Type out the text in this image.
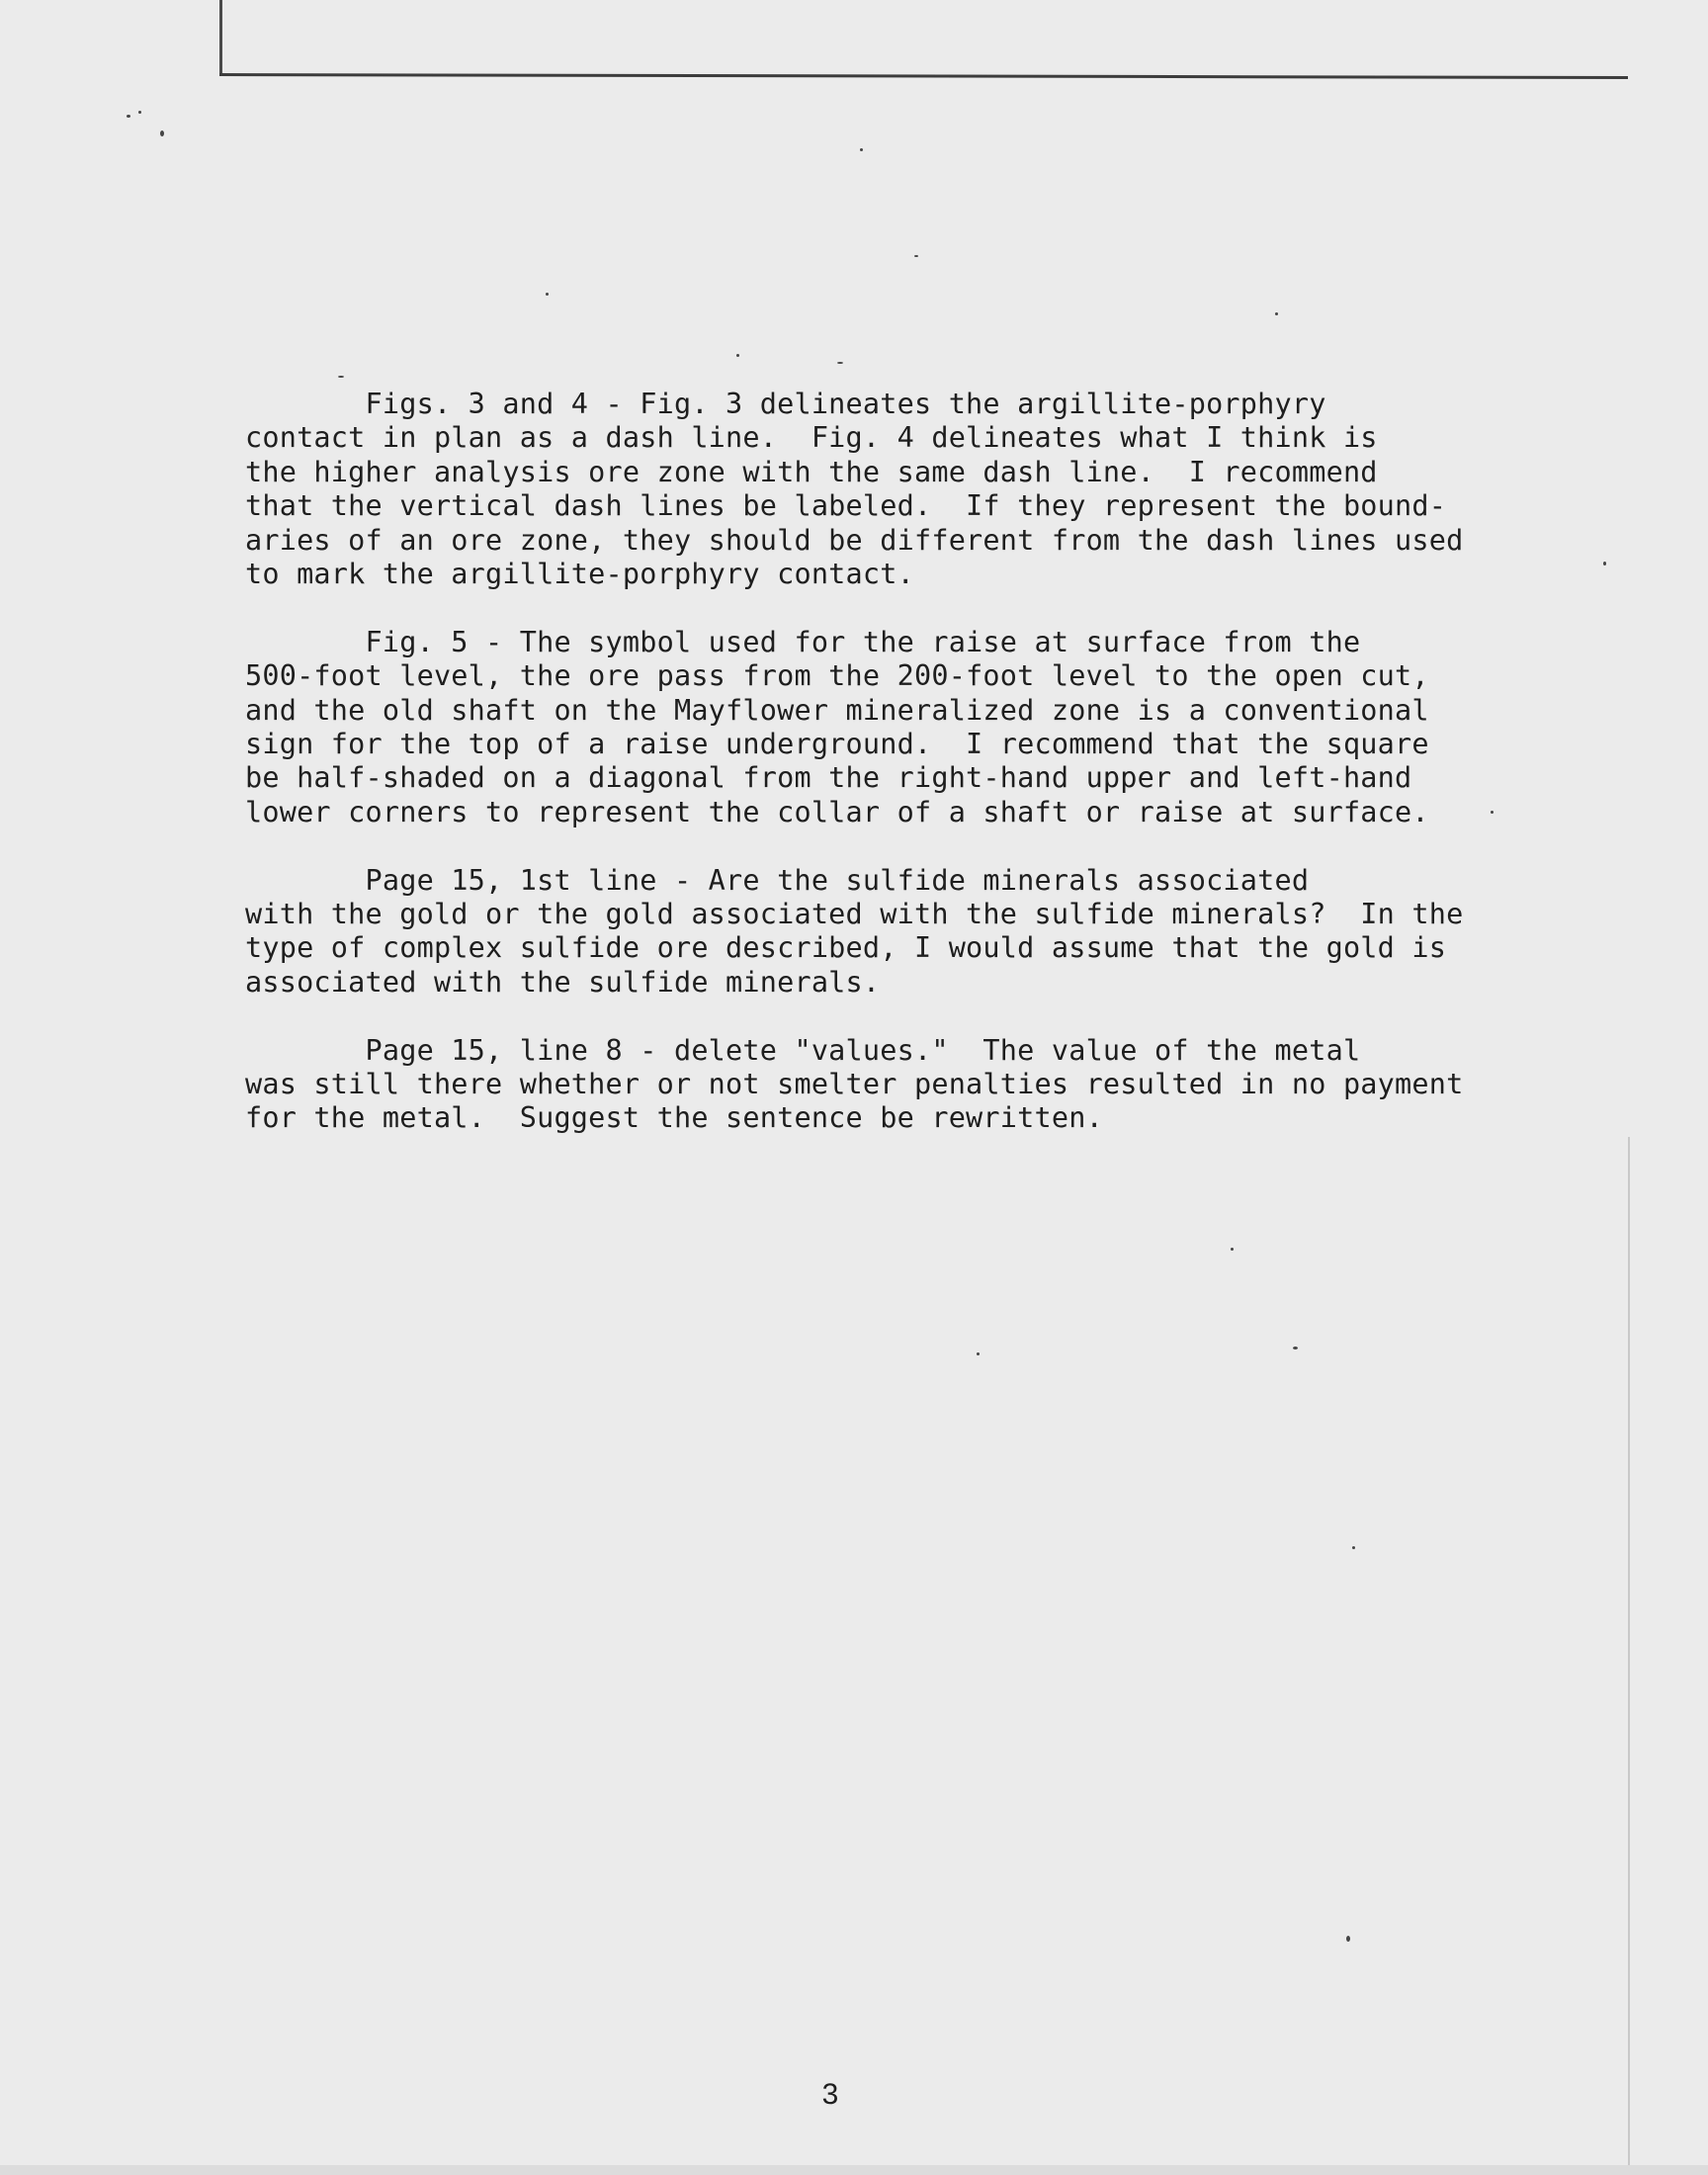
Figs. 3 and 4 - Fig. 3 delineates the argillite-porphyry
contact in plan as a dash line.  Fig. 4 delineates what I think is
the higher analysis ore zone with the same dash line.  I recommend
that the vertical dash lines be labeled.  If they represent the bound-
aries of an ore zone, they should be different from the dash lines used
to mark the argillite-porphyry contact.
Fig. 5 - The symbol used for the raise at surface from the
500-foot level, the ore pass from the 200-foot level to the open cut,
and the old shaft on the Mayflower mineralized zone is a conventional
sign for the top of a raise underground.  I recommend that the square
be half-shaded on a diagonal from the right-hand upper and left-hand
lower corners to represent the collar of a shaft or raise at surface.
Page 15, 1st line - Are the sulfide minerals associated
with the gold or the gold associated with the sulfide minerals?  In the
type of complex sulfide ore described, I would assume that the gold is
associated with the sulfide minerals.
Page 15, line 8 - delete "values."  The value of the metal
was still there whether or not smelter penalties resulted in no payment
for the metal.  Suggest the sentence be rewritten.
3
